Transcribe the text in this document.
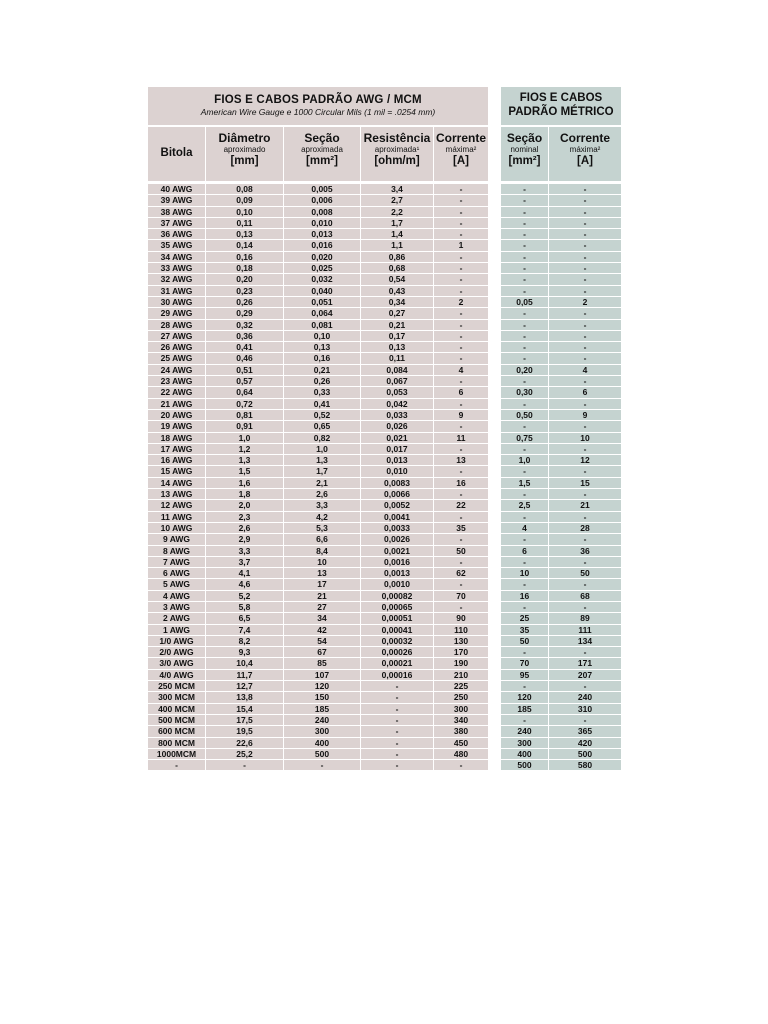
FIOS E CABOS PADRÃO AWG / MCM
American Wire Gauge e 1000 Circular Mils (1 mil = .0254 mm)
Bitola
Diâmetro
aproximado
[mm]
Seção
aproximada
[mm²]
Resistência
aproximada¹
[ohm/m]
Corrente
máxima²
[A]
40 AWG	0,08	0,005	3,4	-
39 AWG	0,09	0,006	2,7	-
38 AWG	0,10	0,008	2,2	-
37 AWG	0,11	0,010	1,7	-
36 AWG	0,13	0,013	1,4	-
35 AWG	0,14	0,016	1,1	1
34 AWG	0,16	0,020	0,86	-
33 AWG	0,18	0,025	0,68	-
32 AWG	0,20	0,032	0,54	-
31 AWG	0,23	0,040	0,43	-
30 AWG	0,26	0,051	0,34	2
29 AWG	0,29	0,064	0,27	-
28 AWG	0,32	0,081	0,21	-
27 AWG	0,36	0,10	0,17	-
26 AWG	0,41	0,13	0,13	-
25 AWG	0,46	0,16	0,11	-
24 AWG	0,51	0,21	0,084	4
23 AWG	0,57	0,26	0,067	-
22 AWG	0,64	0,33	0,053	6
21 AWG	0,72	0,41	0,042	-
20 AWG	0,81	0,52	0,033	9
19 AWG	0,91	0,65	0,026	-
18 AWG	1,0	0,82	0,021	11
17 AWG	1,2	1,0	0,017	-
16 AWG	1,3	1,3	0,013	13
15 AWG	1,5	1,7	0,010	-
14 AWG	1,6	2,1	0,0083	16
13 AWG	1,8	2,6	0,0066	-
12 AWG	2,0	3,3	0,0052	22
11 AWG	2,3	4,2	0,0041	-
10 AWG	2,6	5,3	0,0033	35
9 AWG	2,9	6,6	0,0026	-
8 AWG	3,3	8,4	0,0021	50
7 AWG	3,7	10	0,0016	-
6 AWG	4,1	13	0,0013	62
5 AWG	4,6	17	0,0010	-
4 AWG	5,2	21	0,00082	70
3 AWG	5,8	27	0,00065	-
2 AWG	6,5	34	0,00051	90
1 AWG	7,4	42	0,00041	110
1/0 AWG	8,2	54	0,00032	130
2/0 AWG	9,3	67	0,00026	170
3/0 AWG	10,4	85	0,00021	190
4/0 AWG	11,7	107	0,00016	210
250 MCM	12,7	120	-	225
300 MCM	13,8	150	-	250
400 MCM	15,4	185	-	300
500 MCM	17,5	240	-	340
600 MCM	19,5	300	-	380
800 MCM	22,6	400	-	450
1000MCM	25,2	500	-	480
-	-	-	-	-
FIOS E CABOS
PADRÃO MÉTRICO
Seção
nominal
[mm²]
Corrente
máxima²
[A]
-	-
-	-
-	-
-	-
-	-
-	-
-	-
-	-
-	-
-	-
0,05	2
-	-
-	-
-	-
-	-
-	-
0,20	4
-	-
0,30	6
-	-
0,50	9
-	-
0,75	10
-	-
1,0	12
-	-
1,5	15
-	-
2,5	21
-	-
4	28
-	-
6	36
-	-
10	50
-	-
16	68
-	-
25	89
35	111
50	134
-	-
70	171
95	207
-	-
120	240
185	310
-	-
240	365
300	420
400	500
500	580
